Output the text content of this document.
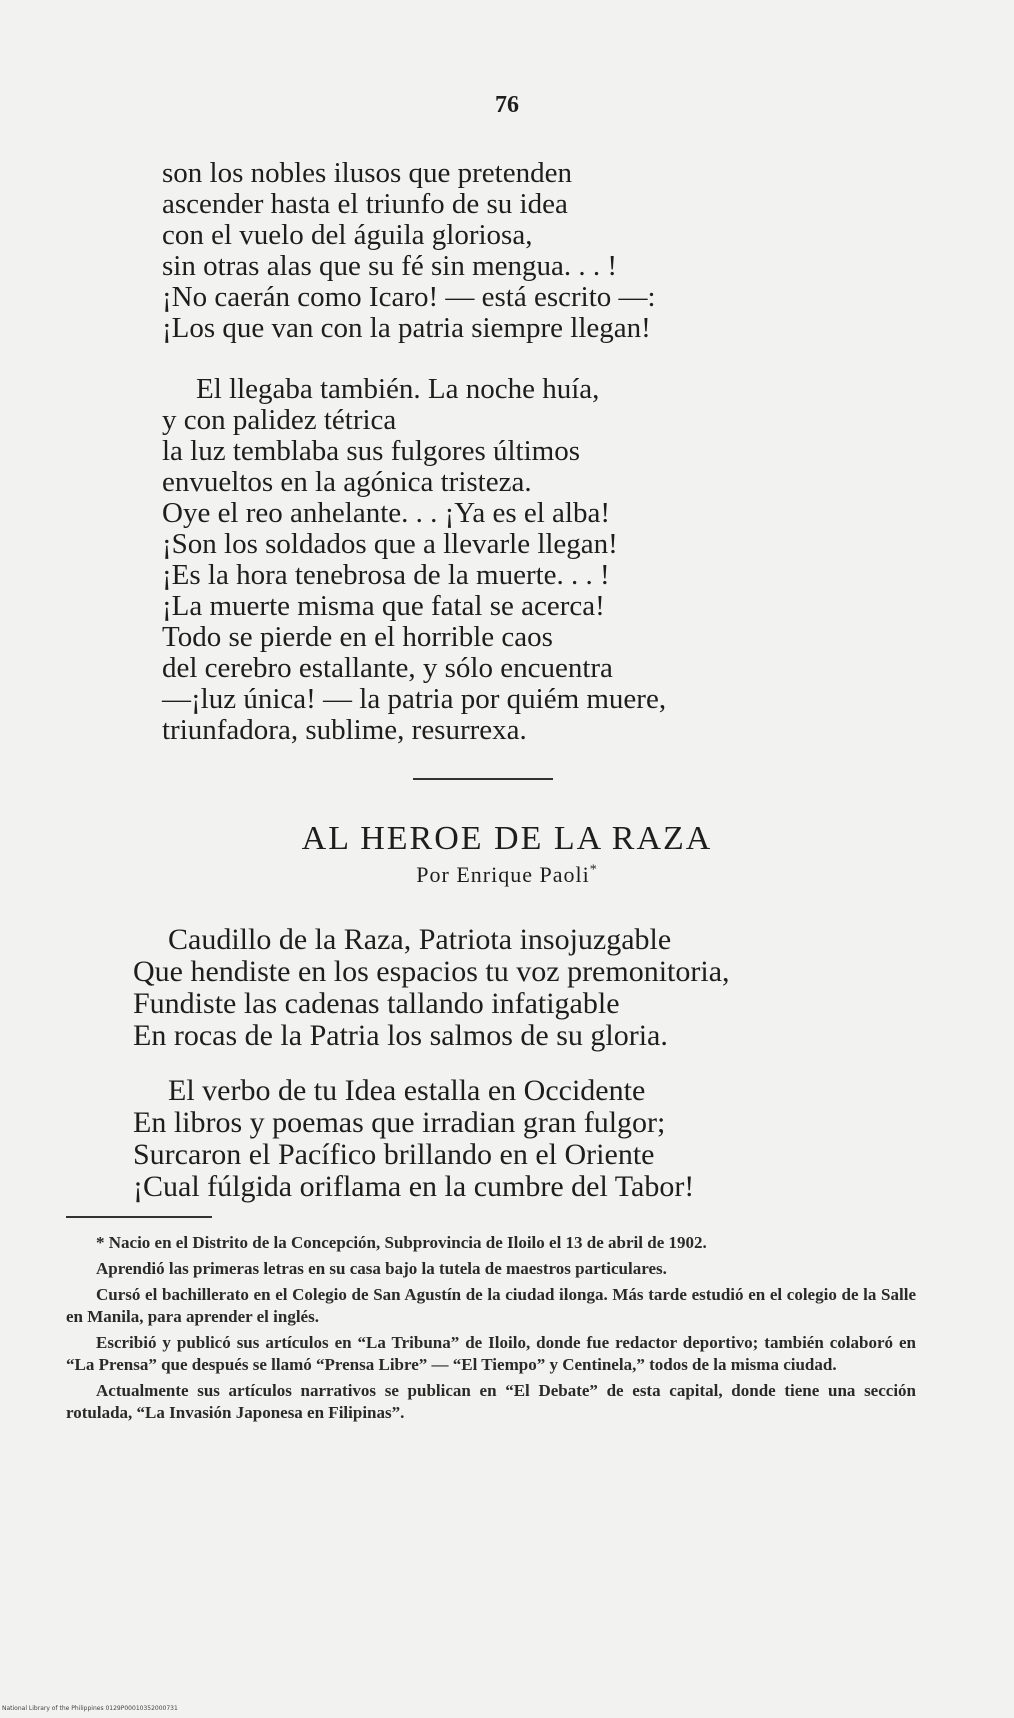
76
son los nobles ilusos que pretenden
ascender hasta el triunfo de su idea
con el vuelo del águila gloriosa,
sin otras alas que su fé sin mengua. . . !
¡No caerán como Icaro! — está escrito —:
¡Los que van con la patria siempre llegan!
El llegaba también. La noche huía,
y con palidez tétrica
la luz temblaba sus fulgores últimos
envueltos en la agónica tristeza.
Oye el reo anhelante. . . ¡Ya es el alba!
¡Son los soldados que a llevarle llegan!
¡Es la hora tenebrosa de la muerte. . . !
¡La muerte misma que fatal se acerca!
Todo se pierde en el horrible caos
del cerebro estallante, y sólo encuentra
—¡luz única! — la patria por quiém muere,
triunfadora, sublime, resurrexa.
AL HEROE DE LA RAZA
Por Enrique Paoli*
Caudillo de la Raza, Patriota insojuzgable
Que hendiste en los espacios tu voz premonitoria,
Fundiste las cadenas tallando infatigable
En rocas de la Patria los salmos de su gloria.
El verbo de tu Idea estalla en Occidente
En libros y poemas que irradian gran fulgor;
Surcaron el Pacífico brillando en el Oriente
¡Cual fúlgida oriflama en la cumbre del Tabor!

* Nacio en el Distrito de la Concepción, Subprovincia de Iloilo el 13 de abril de 1902.

Aprendió las primeras letras en su casa bajo la tutela de maestros particulares.

Cursó el bachillerato en el Colegio de San Agustín de la ciudad ilonga. Más tarde estudió en el colegio de la Salle en Manila, para aprender el inglés.

Escribió y publicó sus artículos en “La Tribuna” de Iloilo, donde fue redactor deportivo; también colaboró en “La Prensa” que después se llamó “Prensa Libre” — “El Tiempo” y Centinela,” todos de la misma ciudad.

Actualmente sus artículos narrativos se publican en “El Debate” de esta capital, donde tiene una sección rotulada, “La Invasión Japonesa en Filipinas”.

National Library of the Philippines 0129P00010352000731
